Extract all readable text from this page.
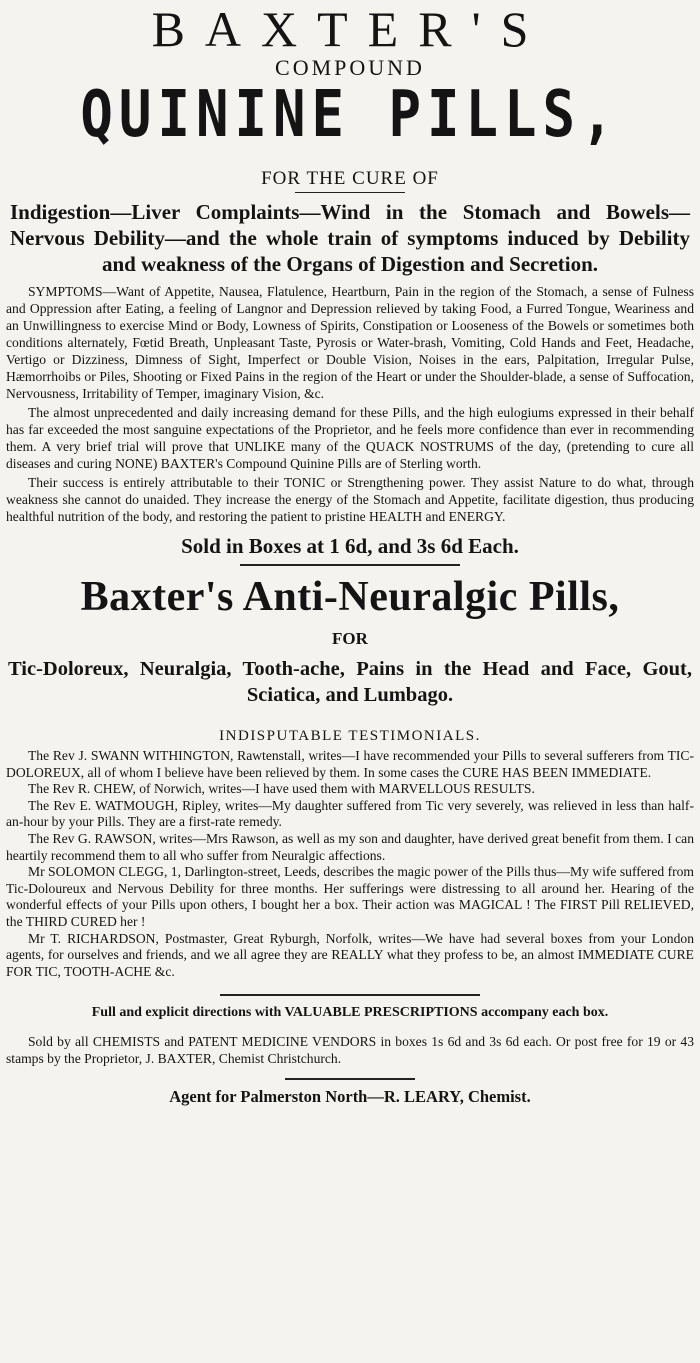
BAXTER'S
COMPOUND
QUININE PILLS,
FOR THE CURE OF
Indigestion—Liver Complaints—Wind in the Stomach and Bowels—Nervous Debility—and the whole train of symptoms induced by Debility and weakness of the Organs of Digestion and Secretion.

SYMPTOMS—Want of Appetite, Nausea, Flatulence, Heartburn, Pain in the region of the Stomach, a sense of Fulness and Oppression after Eating, a feeling of Langnor and Depression relieved by taking Food, a Furred Tongue, Weariness and an Unwillingness to exercise Mind or Body, Lowness of Spirits, Constipation or Looseness of the Bowels or sometimes both conditions alternately, Fœtid Breath, Unpleasant Taste, Pyrosis or Water-brash, Vomiting, Cold Hands and Feet, Headache, Vertigo or Dizziness, Dimness of Sight, Imperfect or Double Vision, Noises in the ears, Palpitation, Irregular Pulse, Hæmorrhoibs or Piles, Shooting or Fixed Pains in the region of the Heart or under the Shoulder-blade, a sense of Suffocation, Nervousness, Irritability of Temper, imaginary Vision, &c.

The almost unprecedented and daily increasing demand for these Pills, and the high eulogiums expressed in their behalf has far exceeded the most sanguine expectations of the Proprietor, and he feels more confidence than ever in recommending them. A very brief trial will prove that UNLIKE many of the QUACK NOSTRUMS of the day, (pretending to cure all diseases and curing NONE) BAXTER's Compound Quinine Pills are of Sterling worth.

Their success is entirely attributable to their TONIC or Strengthening power. They assist Nature to do what, through weakness she cannot do unaided. They increase the energy of the Stomach and Appetite, facilitate digestion, thus producing healthful nutrition of the body, and restoring the patient to pristine HEALTH and ENERGY.

Sold in Boxes at 1 6d, and 3s 6d Each.
Baxter's Anti-Neuralgic Pills,
FOR
Tic-Doloreux, Neuralgia, Tooth-ache, Pains in the Head and Face, Gout, Sciatica, and Lumbago.
INDISPUTABLE TESTIMONIALS.

The Rev J. SWANN WITHINGTON, Rawtenstall, writes—I have recommended your Pills to several sufferers from TIC-DOLOREUX, all of whom I believe have been relieved by them. In some cases the CURE HAS BEEN IMMEDIATE.

The Rev R. CHEW, of Norwich, writes—I have used them with MARVELLOUS RESULTS.

The Rev E. WATMOUGH, Ripley, writes—My daughter suffered from Tic very severely, was relieved in less than half-an-hour by your Pills. They are a first-rate remedy.

The Rev G. RAWSON, writes—Mrs Rawson, as well as my son and daughter, have derived great benefit from them. I can heartily recommend them to all who suffer from Neuralgic affections.

Mr SOLOMON CLEGG, 1, Darlington-street, Leeds, describes the magic power of the Pills thus—My wife suffered from Tic-Doloureux and Nervous Debility for three months. Her sufferings were distressing to all around her. Hearing of the wonderful effects of your Pills upon others, I bought her a box. Their action was MAGICAL ! The FIRST Pill RELIEVED, the THIRD CURED her !

Mr T. RICHARDSON, Postmaster, Great Ryburgh, Norfolk, writes—We have had several boxes from your London agents, for ourselves and friends, and we all agree they are REALLY what they profess to be, an almost IMMEDIATE CURE FOR TIC, TOOTH-ACHE &c.

Full and explicit directions with VALUABLE PRESCRIPTIONS accompany each box.

Sold by all CHEMISTS and PATENT MEDICINE VENDORS in boxes 1s 6d and 3s 6d each. Or post free for 19 or 43 stamps by the Proprietor, J. BAXTER, Chemist Christchurch.

Agent for Palmerston North—R. LEARY, Chemist.
